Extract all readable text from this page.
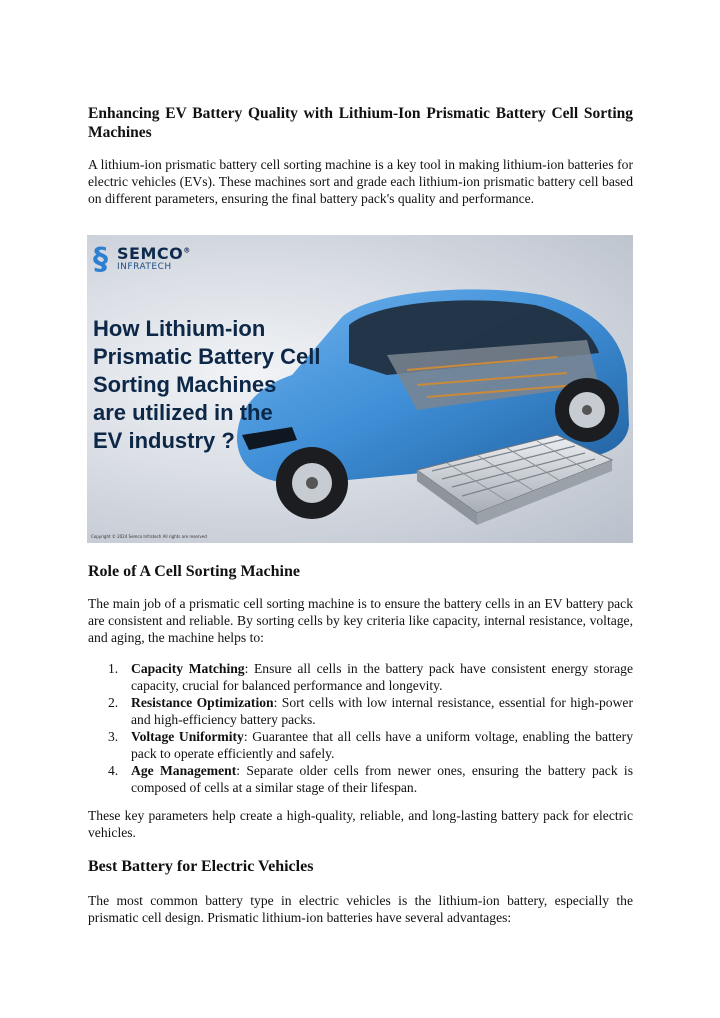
Enhancing EV Battery Quality with Lithium-Ion Prismatic Battery Cell Sorting Machines
A lithium-ion prismatic battery cell sorting machine is a key tool in making lithium-ion batteries for electric vehicles (EVs). These machines sort and grade each lithium-ion prismatic battery cell based on different parameters, ensuring the final battery pack's quality and performance.
§ SEMCO®
INFRATECH
How Lithium-ion
Prismatic Battery Cell
Sorting Machines
are utilized in the
EV industry ?
Copyright © 2024 Semco Infratech All rights are reserved
Role of A Cell Sorting Machine
The main job of a prismatic cell sorting machine is to ensure the battery cells in an EV battery pack are consistent and reliable. By sorting cells by key criteria like capacity, internal resistance, voltage, and aging, the machine helps to:
1. Capacity Matching: Ensure all cells in the battery pack have consistent energy storage capacity, crucial for balanced performance and longevity.
2. Resistance Optimization: Sort cells with low internal resistance, essential for high-power and high-efficiency battery packs.
3. Voltage Uniformity: Guarantee that all cells have a uniform voltage, enabling the battery pack to operate efficiently and safely.
4. Age Management: Separate older cells from newer ones, ensuring the battery pack is composed of cells at a similar stage of their lifespan.
These key parameters help create a high-quality, reliable, and long-lasting battery pack for electric vehicles.
Best Battery for Electric Vehicles
The most common battery type in electric vehicles is the lithium-ion battery, especially the prismatic cell design. Prismatic lithium-ion batteries have several advantages:
